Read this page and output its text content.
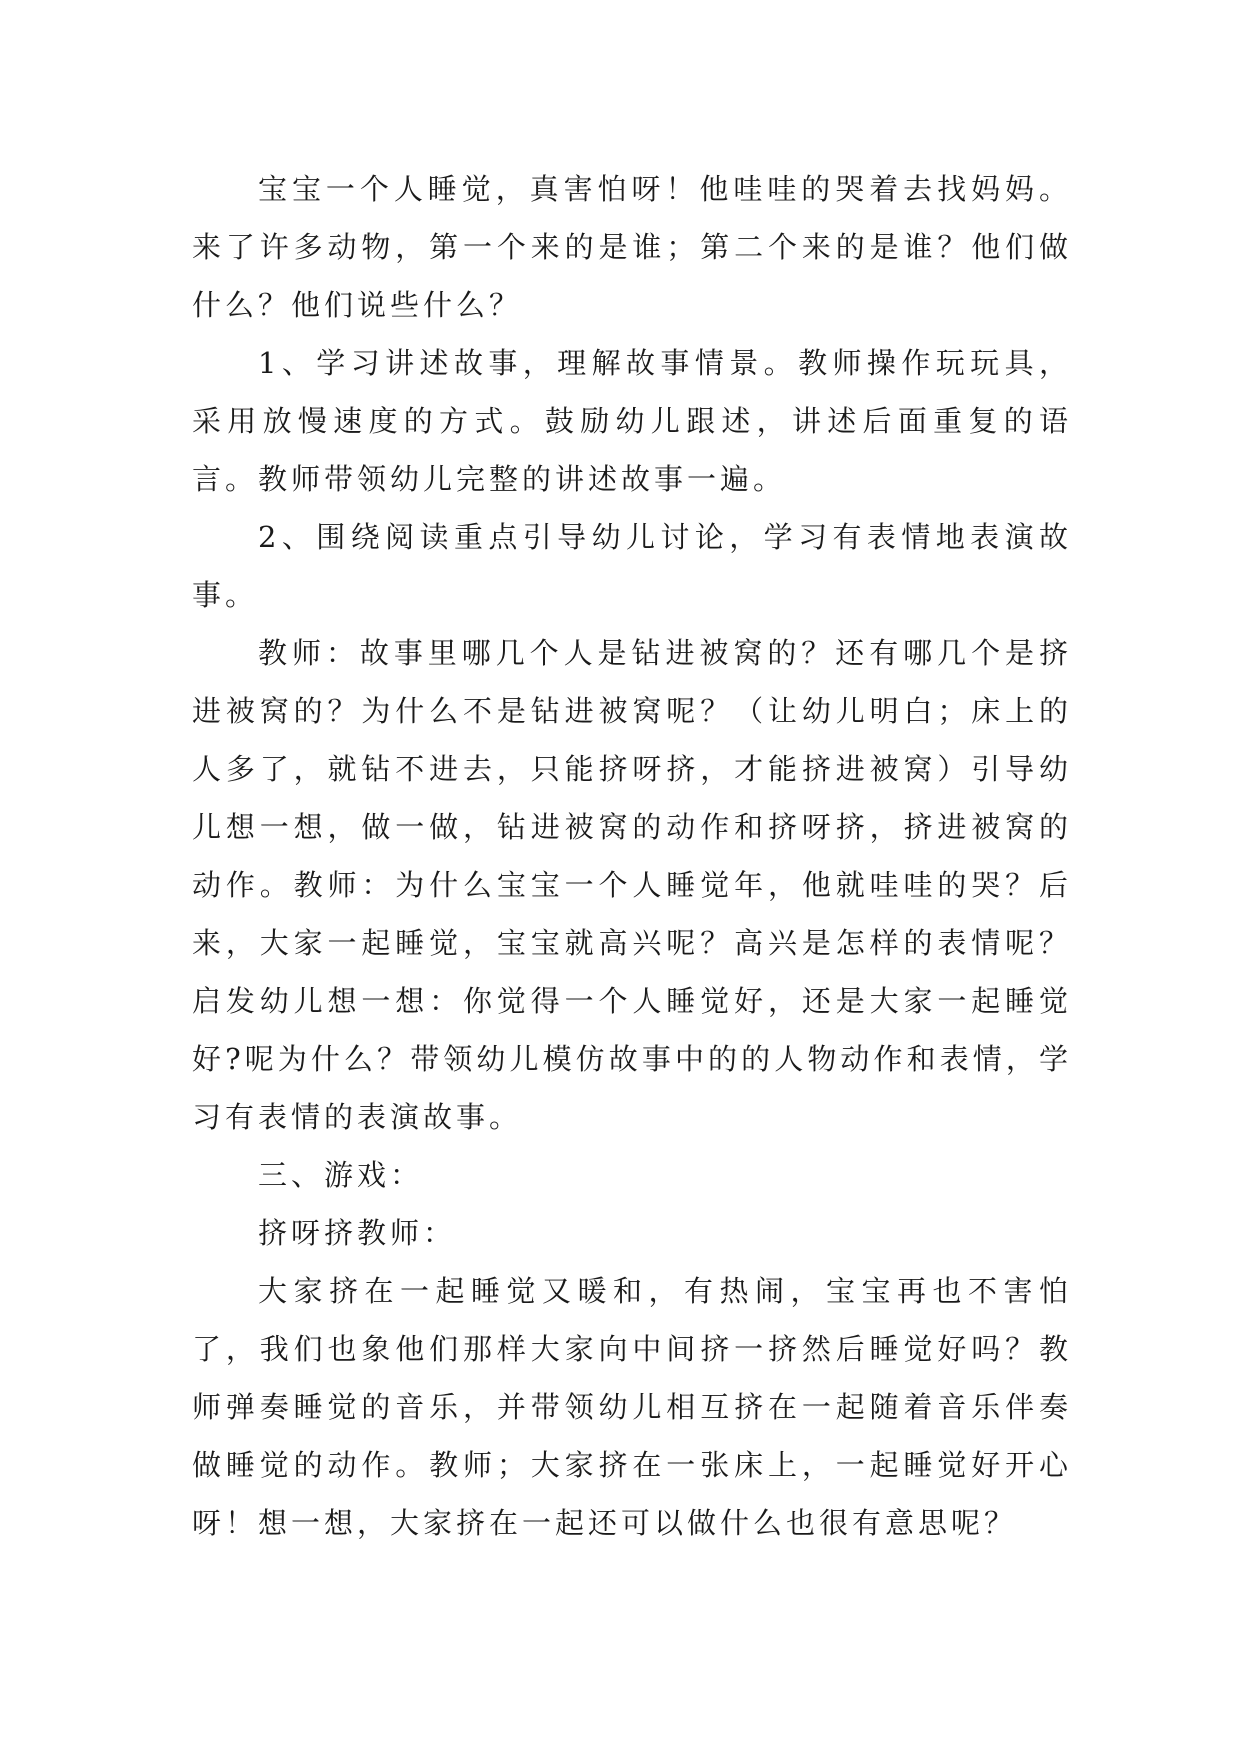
宝宝一个人睡觉，真害怕呀！他哇哇的哭着去找妈妈。来了许多动物，第一个来的是谁；第二个来的是谁？他们做什么？他们说些什么？

1、学习讲述故事，理解故事情景。教师操作玩玩具，采用放慢速度的方式。鼓励幼儿跟述，讲述后面重复的语言。教师带领幼儿完整的讲述故事一遍。

2、围绕阅读重点引导幼儿讨论，学习有表情地表演故事。

教师：故事里哪几个人是钻进被窝的？还有哪几个是挤进被窝的？为什么不是钻进被窝呢？（让幼儿明白；床上的人多了，就钻不进去，只能挤呀挤，才能挤进被窝）引导幼儿想一想，做一做，钻进被窝的动作和挤呀挤，挤进被窝的动作。教师：为什么宝宝一个人睡觉年，他就哇哇的哭？后来，大家一起睡觉，宝宝就高兴呢？高兴是怎样的表情呢？启发幼儿想一想：你觉得一个人睡觉好，还是大家一起睡觉好?呢为什么？带领幼儿模仿故事中的的人物动作和表情，学习有表情的表演故事。

三、游戏：

挤呀挤教师：

大家挤在一起睡觉又暖和，有热闹，宝宝再也不害怕了，我们也象他们那样大家向中间挤一挤然后睡觉好吗？教师弹奏睡觉的音乐，并带领幼儿相互挤在一起随着音乐伴奏做睡觉的动作。教师；大家挤在一张床上，一起睡觉好开心呀！想一想，大家挤在一起还可以做什么也很有意思呢？
